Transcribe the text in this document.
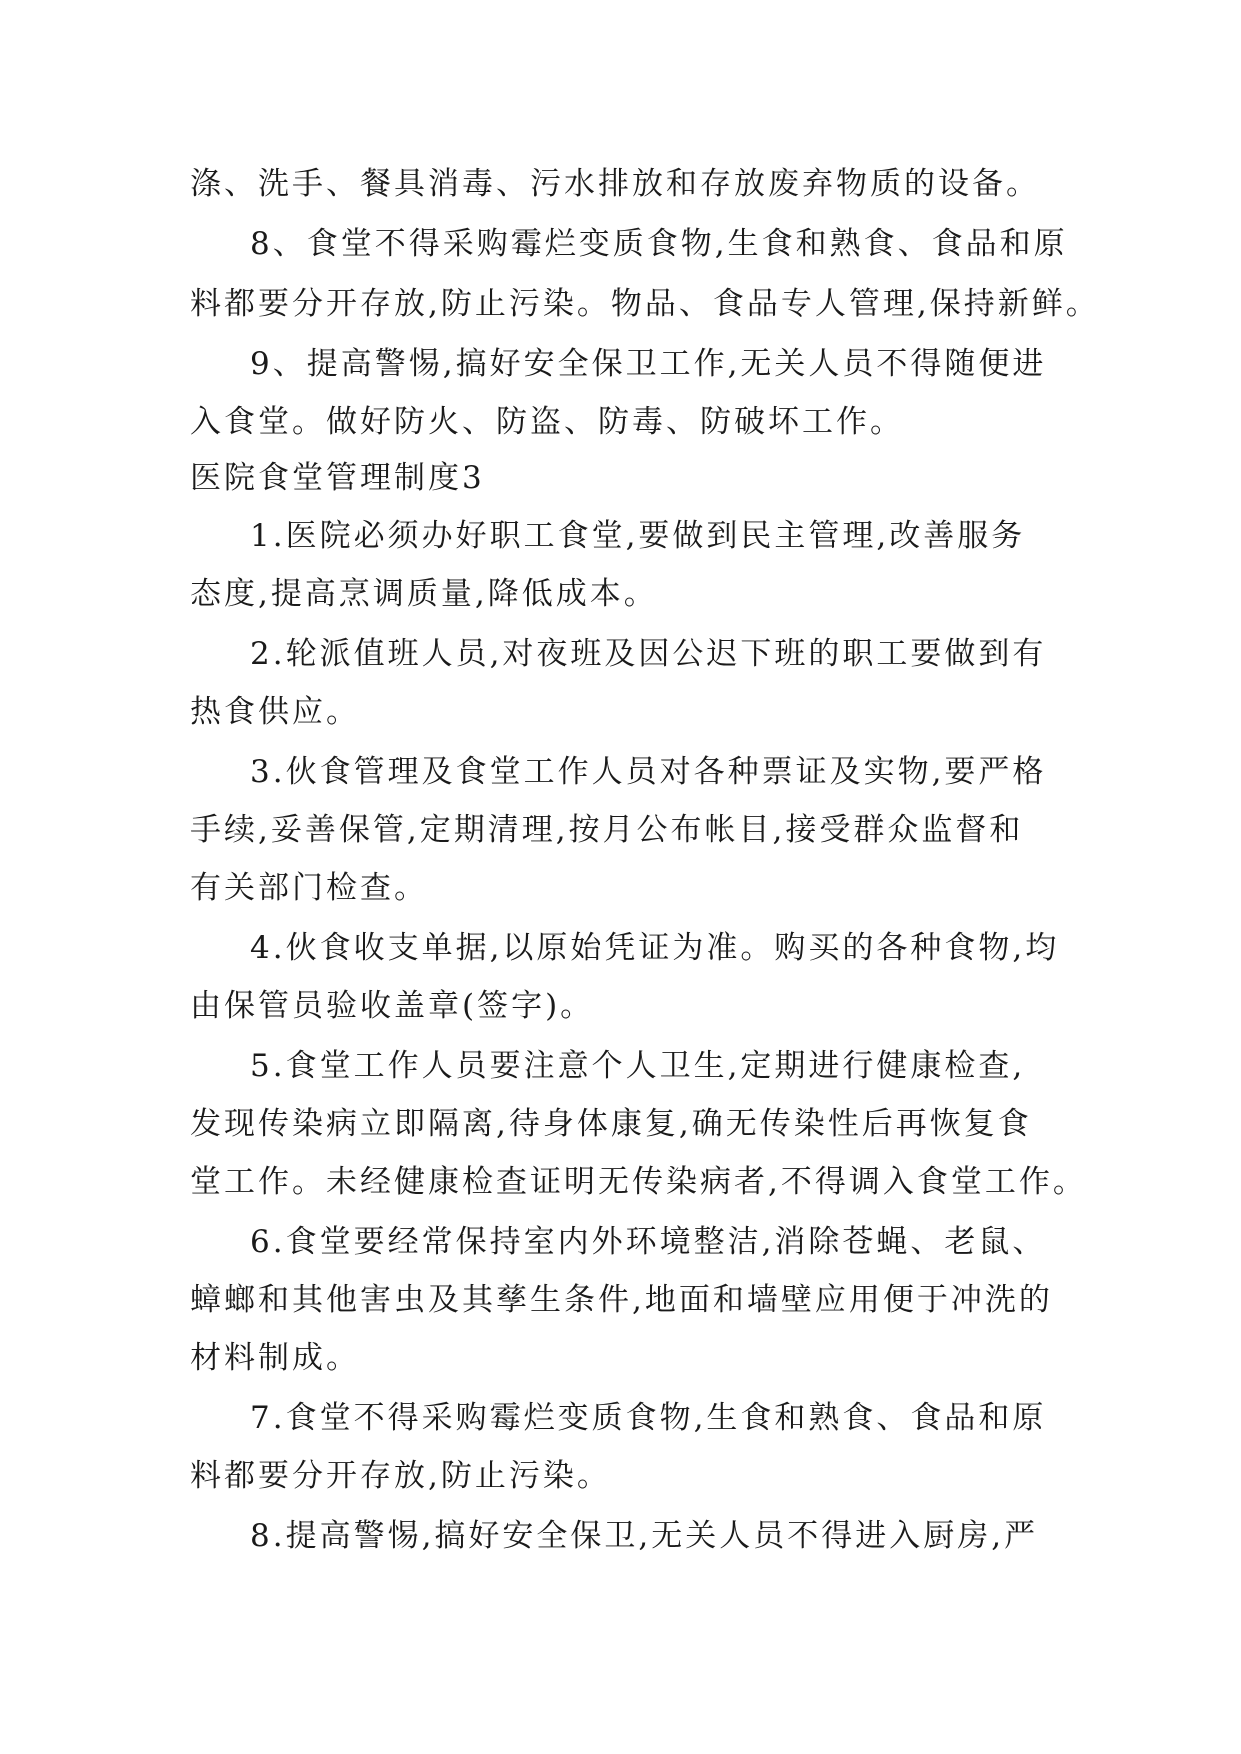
涤、洗手、餐具消毒、污水排放和存放废弃物质的设备。
8、食堂不得采购霉烂变质食物,生食和熟食、食品和原
料都要分开存放,防止污染。物品、食品专人管理,保持新鲜。
9、提高警惕,搞好安全保卫工作,无关人员不得随便进
入食堂。做好防火、防盗、防毒、防破坏工作。
医院食堂管理制度3
1.医院必须办好职工食堂,要做到民主管理,改善服务
态度,提高烹调质量,降低成本。
2.轮派值班人员,对夜班及因公迟下班的职工要做到有
热食供应。
3.伙食管理及食堂工作人员对各种票证及实物,要严格
手续,妥善保管,定期清理,按月公布帐目,接受群众监督和
有关部门检查。
4.伙食收支单据,以原始凭证为准。购买的各种食物,均
由保管员验收盖章(签字)。
5.食堂工作人员要注意个人卫生,定期进行健康检查,
发现传染病立即隔离,待身体康复,确无传染性后再恢复食
堂工作。未经健康检查证明无传染病者,不得调入食堂工作。
6.食堂要经常保持室内外环境整洁,消除苍蝇、老鼠、
蟑螂和其他害虫及其孳生条件,地面和墙壁应用便于冲洗的
材料制成。
7.食堂不得采购霉烂变质食物,生食和熟食、食品和原
料都要分开存放,防止污染。
8.提高警惕,搞好安全保卫,无关人员不得进入厨房,严
